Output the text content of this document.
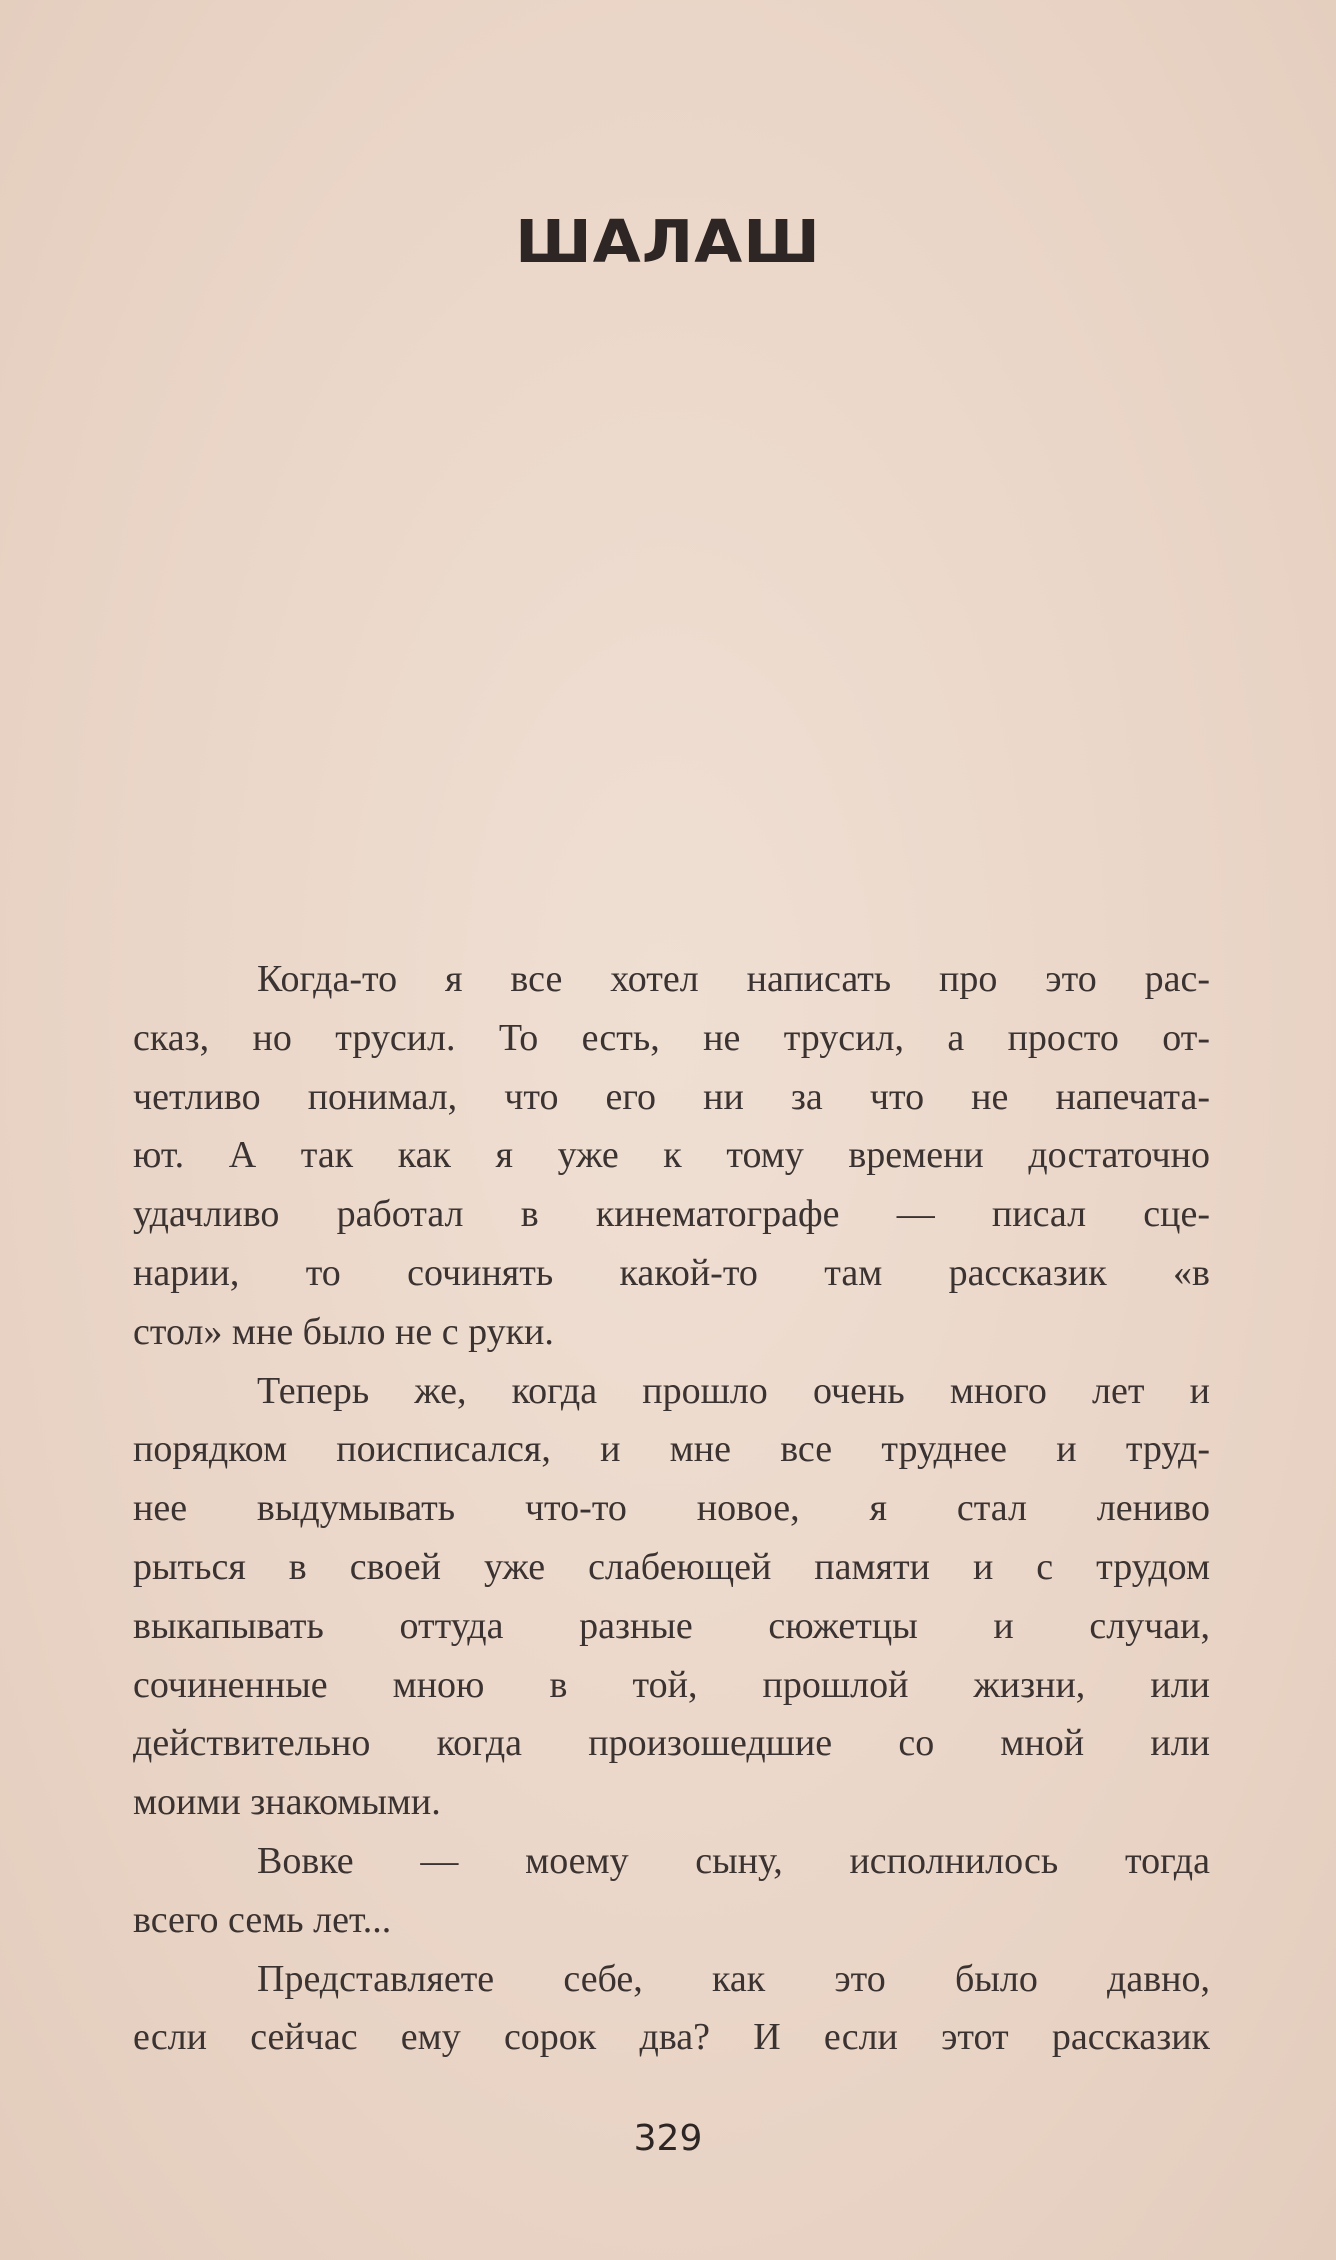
ШАЛАШ
Когда-то я все хотел написать про это рас-
сказ, но трусил. То есть, не трусил, а просто от-
четливо понимал, что его ни за что не напечата-
ют. А так как я уже к тому времени достаточно
удачливо работал в кинематографе — писал сце-
нарии, то сочинять какой-то там рассказик «в
стол» мне было не с руки.
Теперь же, когда прошло очень много лет и
порядком поисписался, и мне все труднее и труд-
нее выдумывать что-то новое, я стал лениво
рыться в своей уже слабеющей памяти и с трудом
выкапывать оттуда разные сюжетцы и случаи,
сочиненные мною в той, прошлой жизни, или
действительно когда произошедшие со мной или
моими знакомыми.
Вовке — моему сыну, исполнилось тогда
всего семь лет...
Представляете себе, как это было давно,
если сейчас ему сорок два? И если этот рассказик
329
